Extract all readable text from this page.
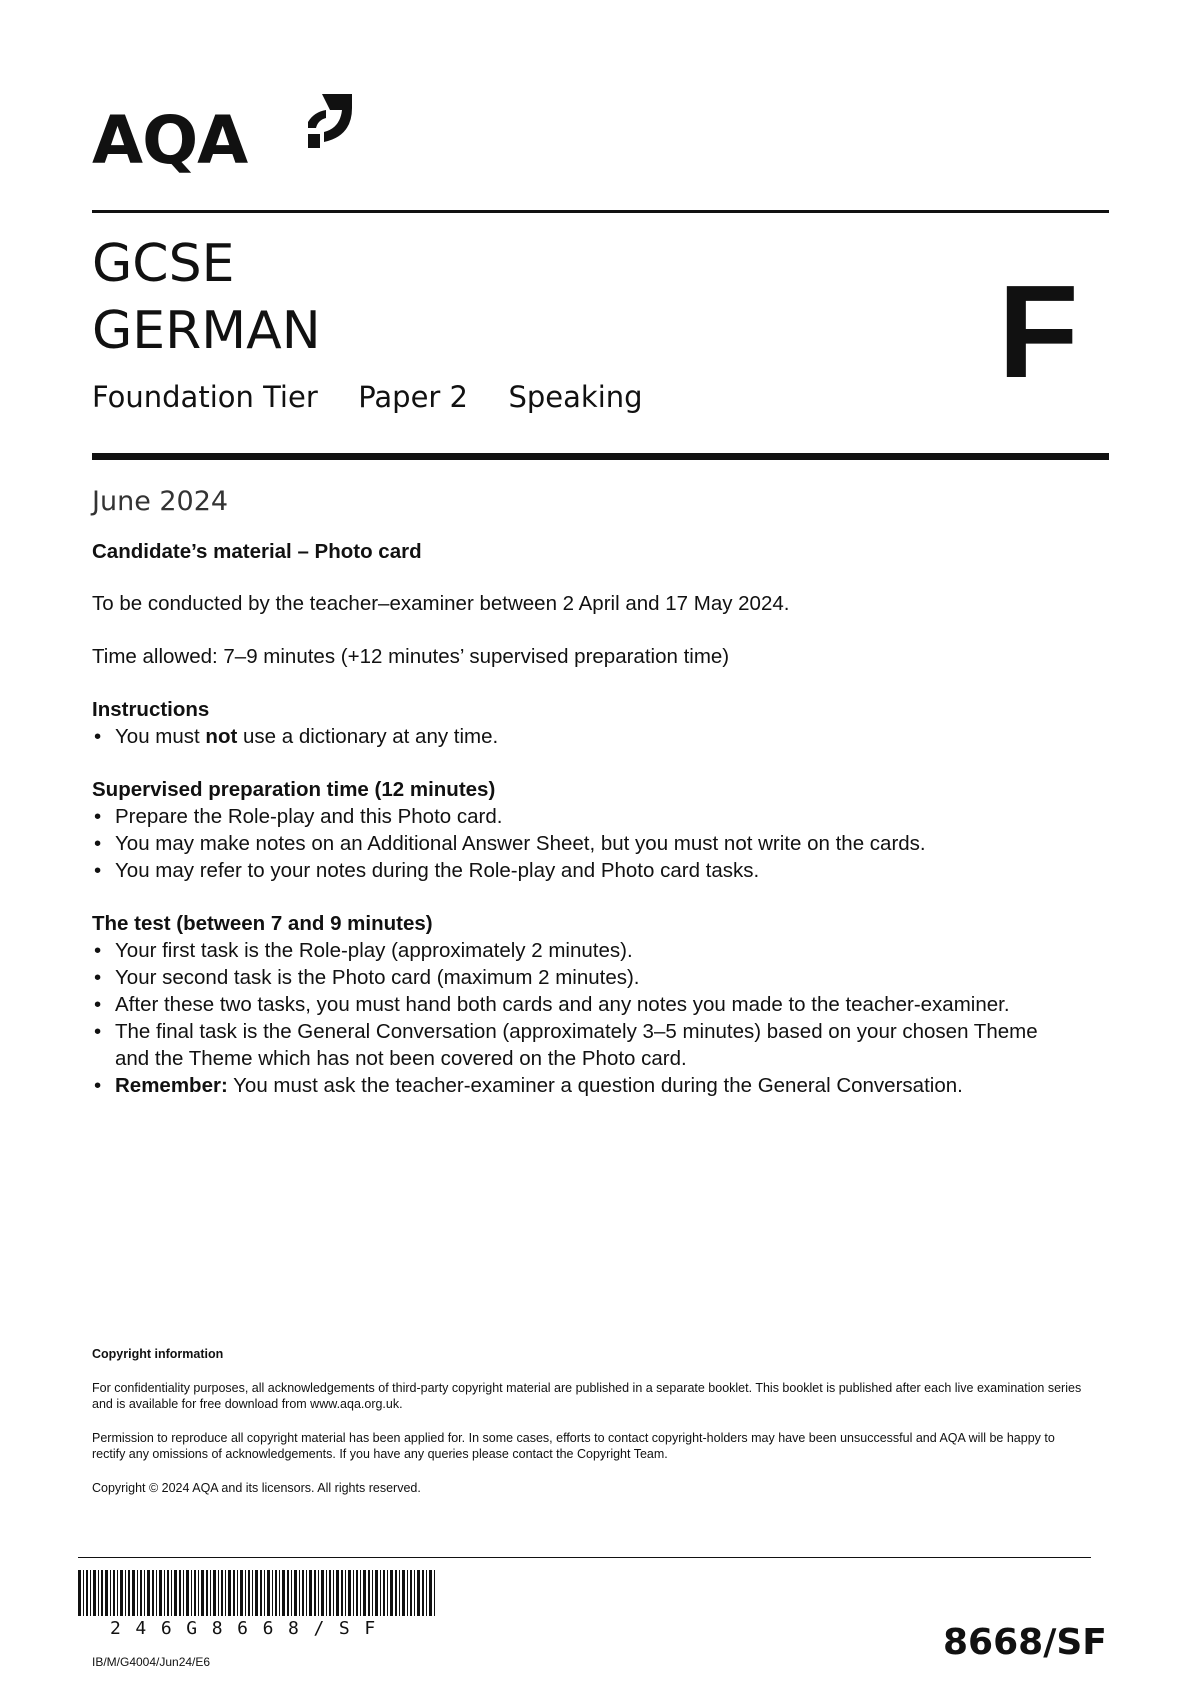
AQA
GCSE
GERMAN
Foundation Tier Paper 2 Speaking	F
June 2024
Candidate’s material – Photo card
To be conducted by the teacher–examiner between 2 April and 17 May 2024.
Time allowed: 7–9 minutes (+12 minutes’ supervised preparation time)
Instructions
• You must not use a dictionary at any time.
Supervised preparation time (12 minutes)
• Prepare the Role-play and this Photo card.
• You may make notes on an Additional Answer Sheet, but you must not write on the cards.
• You may refer to your notes during the Role-play and Photo card tasks.
The test (between 7 and 9 minutes)
• Your first task is the Role-play (approximately 2 minutes).
• Your second task is the Photo card (maximum 2 minutes).
• After these two tasks, you must hand both cards and any notes you made to the teacher-examiner.
• The final task is the General Conversation (approximately 3–5 minutes) based on your chosen Theme and the Theme which has not been covered on the Photo card.
• Remember: You must ask the teacher-examiner a question during the General Conversation.
Copyright information
For confidentiality purposes, all acknowledgements of third-party copyright material are published in a separate booklet. This booklet is published after each live examination series and is available for free download from www.aqa.org.uk.
Permission to reproduce all copyright material has been applied for. In some cases, efforts to contact copyright-holders may have been unsuccessful and AQA will be happy to rectify any omissions of acknowledgements. If you have any queries please contact the Copyright Team.
Copyright © 2024 AQA and its licensors. All rights reserved.
246G8668/SF
IB/M/G4004/Jun24/E6	8668/SF
